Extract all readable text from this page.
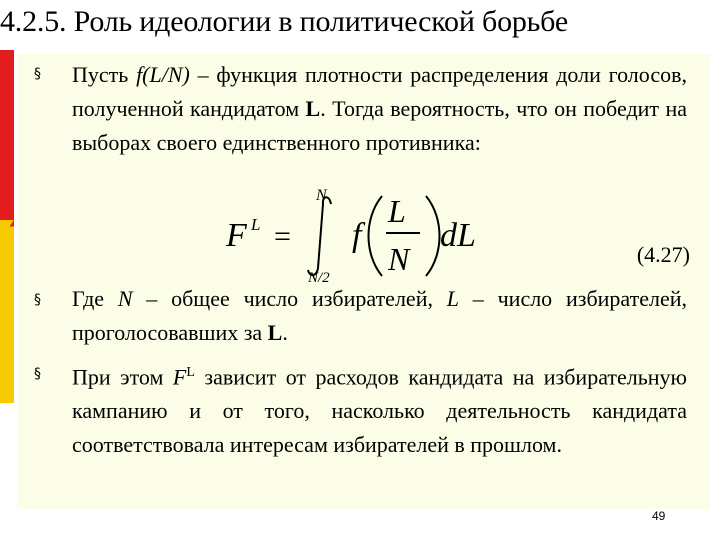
4.2.5. Роль идеологии в политической борьбе
§ Пусть f(L/N) – функция плотности распределения доли голосов, полученной кандидатом L. Тогда вероятность, что он победит на выборах своего единственного противника:

F L =
N
N/2
f
L
N
dL
(4.27)
§ Где N – общее число избирателей, L – число избирателей, проголосовавших за L.

§ При этом $F^L$ зависит от расходов кандидата на избирательную кампанию и от того, насколько деятельность кандидата соответствовала интересам избирателей в прошлом.

49
